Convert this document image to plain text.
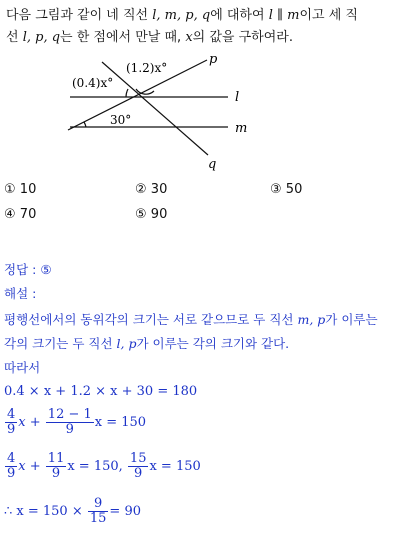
다음 그림과 같이 네 직선 l, m, p, q에 대하여 l ∥ m이고 세 직
선 l, p, q는 한 점에서 만날 때, x의 값을 구하여라.
p
l
m
q
(0.4)x°
(1.2)x°
30°
① 10	② 30	③ 50
④ 70	⑤ 90
정답 : ⑤
해설 :
평행선에서의 동위각의 크기는 서로 같으므로 두 직선 m, p가 이루는
각의 크기는 두 직선 l, p가 이루는 각의 크기와 같다.
따라서
0.4 × x + 1.2 × x + 30 = 180
$\frac{4}{9}$ $x + \frac{12 - 1}{9}$ x = 150
$\frac{4}{9}$ $x + \frac{11}{9}$ x = 150, $\frac{15}{9}$ x = 150
∴ $x = 150 \times \frac{9}{15} = 90$
